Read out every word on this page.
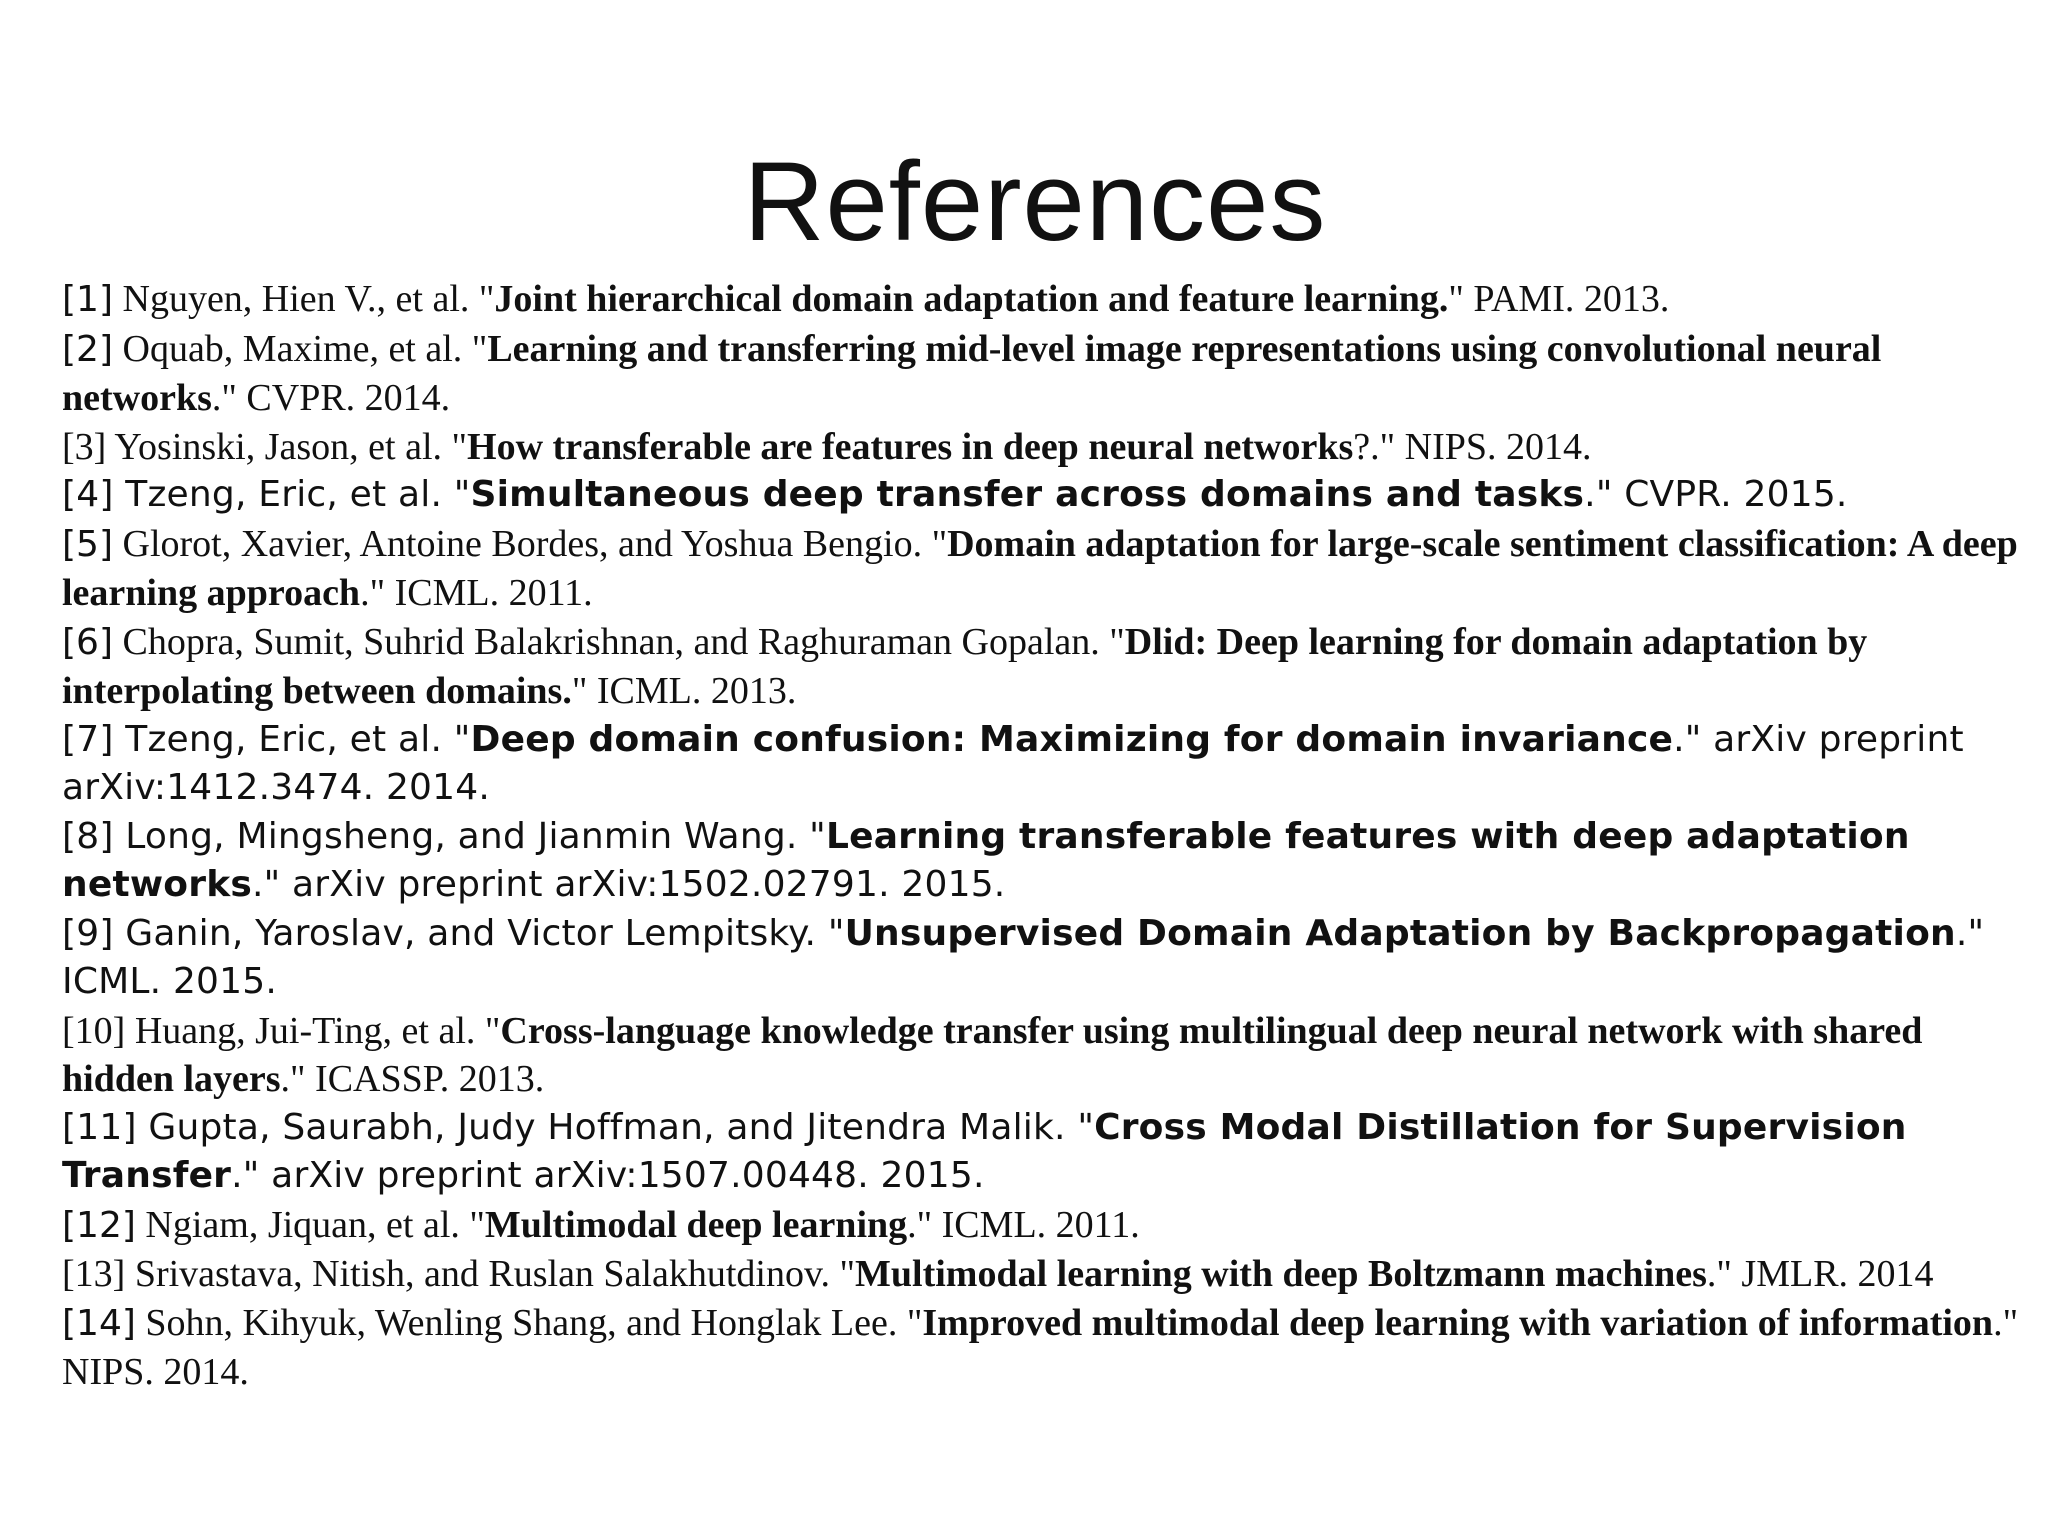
References

[1] Nguyen, Hien V., et al. "Joint hierarchical domain adaptation and feature learning." PAMI. 2013.

[2] Oquab, Maxime, et al. "Learning and transferring mid-level image representations using convolutional neural networks." CVPR. 2014.

[3] Yosinski, Jason, et al. "How transferable are features in deep neural networks?." NIPS. 2014.

[4] Tzeng, Eric, et al. "Simultaneous deep transfer across domains and tasks." CVPR. 2015.

[5] Glorot, Xavier, Antoine Bordes, and Yoshua Bengio. "Domain adaptation for large-scale sentiment classification: A deep learning approach." ICML. 2011.

[6] Chopra, Sumit, Suhrid Balakrishnan, and Raghuraman Gopalan. "Dlid: Deep learning for domain adaptation by interpolating between domains." ICML. 2013.

[7] Tzeng, Eric, et al. "Deep domain confusion: Maximizing for domain invariance." arXiv preprint arXiv:1412.3474. 2014.

[8] Long, Mingsheng, and Jianmin Wang. "Learning transferable features with deep adaptation networks." arXiv preprint arXiv:1502.02791. 2015.

[9] Ganin, Yaroslav, and Victor Lempitsky. "Unsupervised Domain Adaptation by Backpropagation." ICML. 2015.

[10] Huang, Jui-Ting, et al. "Cross-language knowledge transfer using multilingual deep neural network with shared hidden layers." ICASSP. 2013.

[11] Gupta, Saurabh, Judy Hoffman, and Jitendra Malik. "Cross Modal Distillation for Supervision Transfer." arXiv preprint arXiv:1507.00448. 2015.

[12] Ngiam, Jiquan, et al. "Multimodal deep learning." ICML. 2011.

[13] Srivastava, Nitish, and Ruslan Salakhutdinov. "Multimodal learning with deep Boltzmann machines." JMLR. 2014

[14] Sohn, Kihyuk, Wenling Shang, and Honglak Lee. "Improved multimodal deep learning with variation of information." NIPS. 2014.
